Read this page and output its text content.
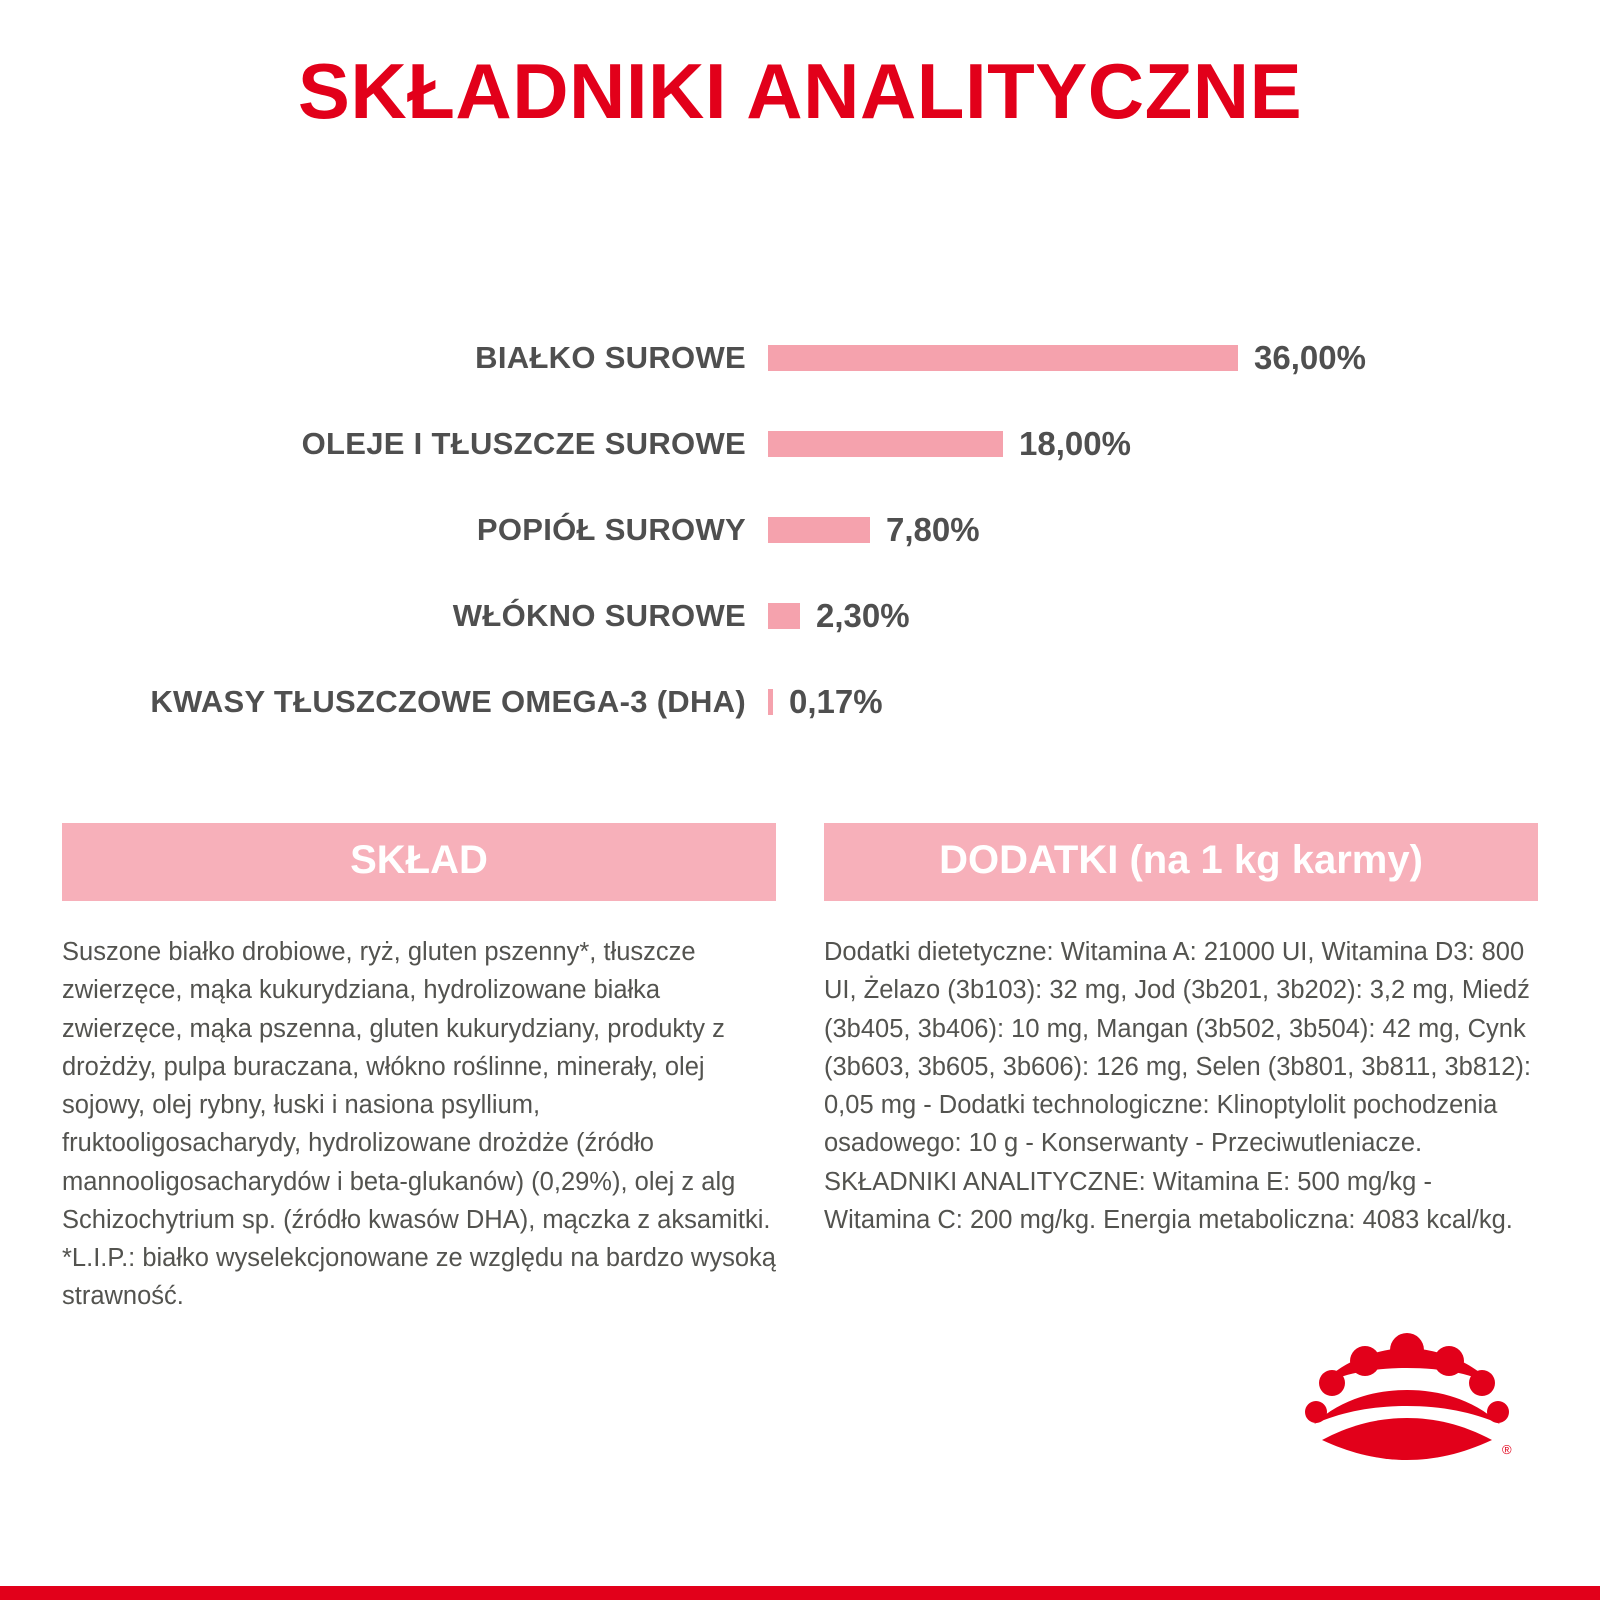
SKŁADNIKI ANALITYCZNE
BIAŁKO SUROWE	36,00%
OLEJE I TŁUSZCZE SUROWE	18,00%
POPIÓŁ SUROWY	7,80%
WŁÓKNO SUROWE	2,30%
KWASY TŁUSZCZOWE OMEGA-3 (DHA)	0,17%
SKŁAD

Suszone białko drobiowe, ryż, gluten pszenny*, tłuszcze zwierzęce, mąka kukurydziana, hydrolizowane białka zwierzęce, mąka pszenna, gluten kukurydziany, produkty z drożdży, pulpa buraczana, włókno roślinne, minerały, olej sojowy, olej rybny, łuski i nasiona psyllium, fruktooligosacharydy, hydrolizowane drożdże (źródło mannooligosacharydów i beta-glukanów) (0,29%), olej z alg Schizochytrium sp. (źródło kwasów DHA), mączka z aksamitki.

*L.I.P.: białko wyselekcjonowane ze względu na bardzo wysoką strawność.

DODATKI (na 1 kg karmy)

Dodatki dietetyczne: Witamina A: 21000 UI, Witamina D3: 800 UI, Żelazo (3b103): 32 mg, Jod (3b201, 3b202): 3,2 mg, Miedź (3b405, 3b406): 10 mg, Mangan (3b502, 3b504): 42 mg, Cynk (3b603, 3b605, 3b606): 126 mg, Selen (3b801, 3b811, 3b812): 0,05 mg - Dodatki technologiczne: Klinoptylolit pochodzenia osadowego: 10 g - Konserwanty - Przeciwutleniacze. SKŁADNIKI ANALITYCZNE: Witamina E: 500 mg/kg - Witamina C: 200 mg/kg. Energia metaboliczna: 4083 kcal/kg.

®
